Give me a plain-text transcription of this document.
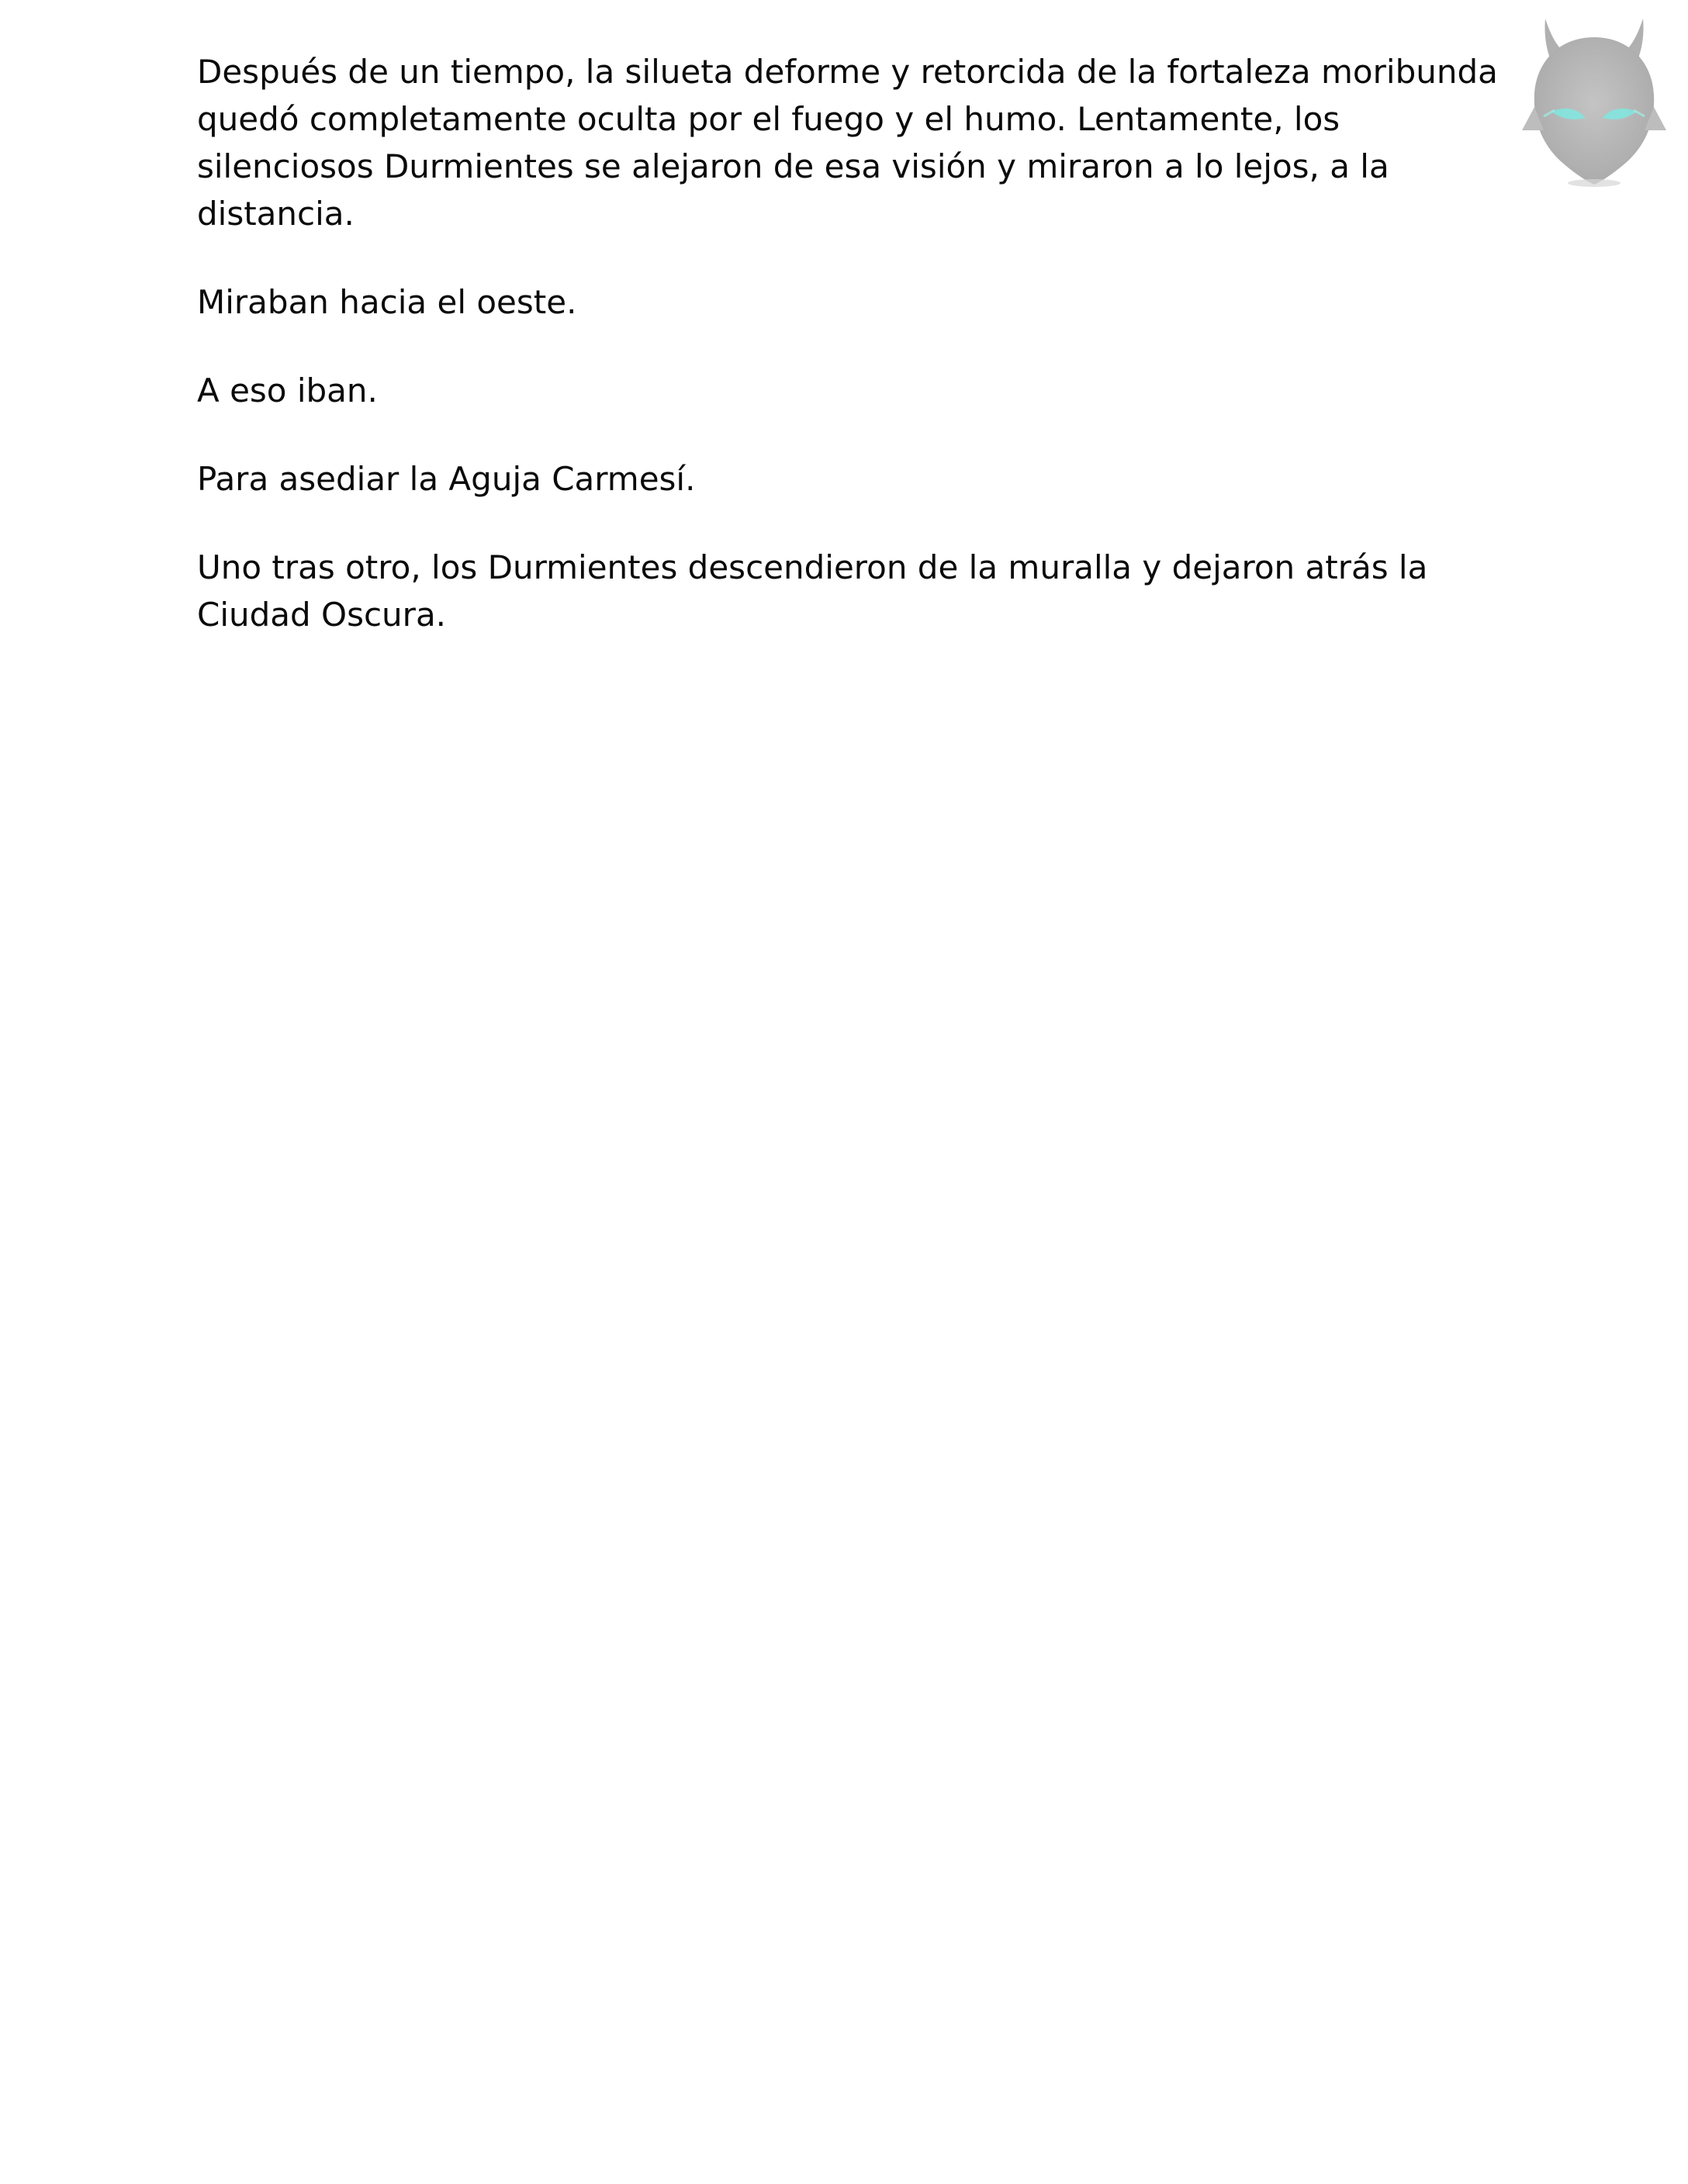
Después de un tiempo, la silueta deforme y retorcida de la fortaleza moribunda quedó completamente oculta por el fuego y el humo. Lentamente, los silenciosos Durmientes se alejaron de esa visión y miraron a lo lejos, a la distancia.

Miraban hacia el oeste.

A eso iban.

Para asediar la Aguja Carmesí.

Uno tras otro, los Durmientes descendieron de la muralla y dejaron atrás la Ciudad Oscura.
